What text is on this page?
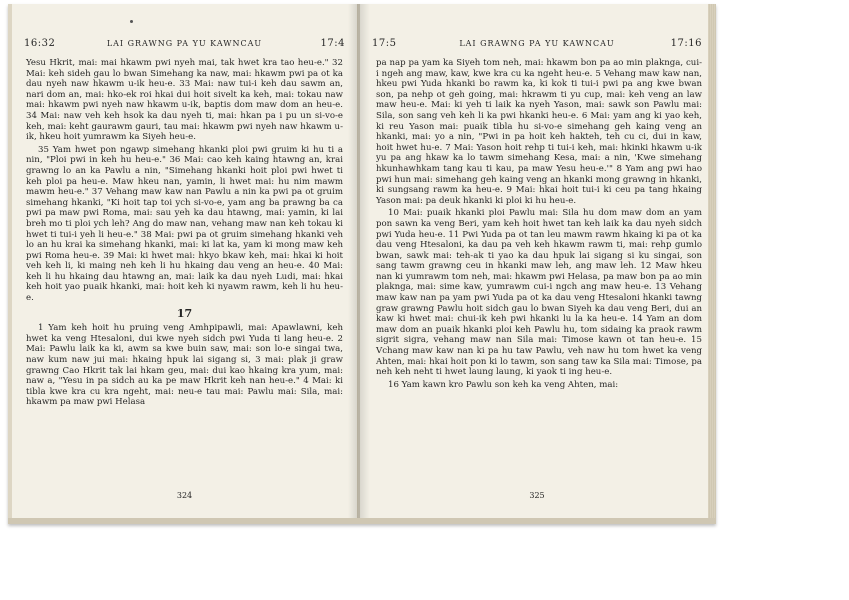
16:32	LAI GRAWNG PA YU KAWNCAU	17:4

Yesu Hkrit, mai: mai hkawm pwi nyeh mai, tak hwet kra tao heu-e." 32 Mai: keh sideh gau lo bwan Simehang ka naw, mai: hkawm pwi pa ot ka dau nyeh naw hkawm u-ik heu-e. 33 Mai: naw tui-i keh dau sawm an, nari dom an, mai: hko-ek roi hkai dui hoit sivelt ka keh, mai: tokau naw mai: hkawm pwi nyeh naw hkawm u-ik, baptis dom maw dom an heu-e. 34 Mai: naw veh keh hsok ka dau nyeh ti, mai: hkan pa i pu un si-vo-e keh, mai: keht gaurawm gauri, tau mai: hkawm pwi nyeh naw hkawm u-ik, hkeu hoit yumrawm ka Siyeh heu-e.

35 Yam hwet pon ngawp simehang hkanki ploi pwi gruim ki hu ti a nin, "Ploi pwi in keh hu heu-e." 36 Mai: cao keh kaing htawng an, krai grawng lo an ka Pawlu a nin, "Simehang hkanki hoit ploi pwi hwet ti keh ploi pa heu-e. Maw hkeu nan, yamin, li hwet mai: hu nim mawm mawm heu-e." 37 Vehang maw kaw nan Pawlu a nin ka pwi pa ot gruim simehang hkanki, "Ki hoit tap toi ych si-vo-e, yam ang ba prawng ba ca pwi pa maw pwi Roma, mai: sau yeh ka dau htawng, mai: yamin, ki lai breh mo ti ploi ych leh? Ang do maw nan, vehang maw nan keh tokau ki hwet ti tui-i yeh li heu-e." 38 Mai: pwi pa ot gruim simehang hkanki veh lo an hu krai ka simehang hkanki, mai: ki lat ka, yam ki mong maw keh pwi Roma heu-e. 39 Mai: ki hwet mai: hkyo bkaw keh, mai: hkai ki hoit veh keh li, ki maing neh keh li hu hkaing dau veng an heu-e. 40 Mai: keh li hu hkaing dau htawng an, mai: laik ka dau nyeh Ludi, mai: hkai keh hoit yao puaik hkanki, mai: hoit keh ki nyawm rawm, keh li hu heu-e.

17

1 Yam keh hoit hu pruing veng Amhpipawli, mai: Apawlawni, keh hwet ka veng Htesaloni, dui kwe nyeh sidch pwi Yuda ti lang heu-e. 2 Mai: Pawlu laik ka ki, awm sa kwe buin saw, mai: son lo-e singai twa, naw kum naw jui mai: hkaing hpuk lai sigang si, 3 mai: plak ji graw grawng Cao Hkrit tak lai hkam geu, mai: dui kao hkaing kra yum, mai: naw a, "Yesu in pa sidch au ka pe maw Hkrit keh nan heu-e." 4 Mai: ki tibla kwe kra cu kra ngeht, mai: neu-e tau mai: Pawlu mai: Sila, mai: hkawm pa maw pwi Helasa

324
17:5	LAI GRAWNG PA YU KAWNCAU	17:16

pa nap pa yam ka Siyeh tom neh, mai: hkawm bon pa ao min plaknga, cui-i ngeh ang maw, kaw, kwe kra cu ka ngeht heu-e. 5 Vehang maw kaw nan, hkeu pwi Yuda hkanki bo rawm ka, ki kok ti tui-i pwi pa ang kwe bwan son, pa nehp ot geh going, mai: hkrawm ti yu cup, mai: keh veng an law maw heu-e. Mai: ki yeh ti laik ka nyeh Yason, mai: sawk son Pawlu mai: Sila, son sang veh keh li ka pwi hkanki heu-e. 6 Mai: yam ang ki yao keh, ki reu Yason mai: puaik tibla hu si-vo-e simehang geh kaing veng an hkanki, mai: yo a nin, "Pwi in pa hoit keh hakteh, teh cu ci, dui in kaw, hoit hwet hu-e. 7 Mai: Yason hoit rehp ti tui-i keh, mai: hkinki hkawm u-ik yu pa ang hkaw ka lo tawm simehang Kesa, mai: a nin, 'Kwe simehang hkunhawhkam tang kau ti kau, pa maw Yesu heu-e.'" 8 Yam ang pwi hao pwi hun mai: simehang geh kaing veng an hkanki mong grawng in hkanki, ki sungsang rawm ka heu-e. 9 Mai: hkai hoit tui-i ki ceu pa tang hkaing Yason mai: pa deuk hkanki ki ploi ki hu heu-e.

10 Mai: puaik hkanki ploi Pawlu mai: Sila hu dom maw dom an yam pon sawn ka veng Beri, yam keh hoit hwet tan keh laik ka dau nyeh sidch pwi Yuda heu-e. 11 Pwi Yuda pa ot tan leu mawm rawm hkaing ki pa ot ka dau veng Htesaloni, ka dau pa veh keh hkawm rawm ti, mai: rehp gumlo bwan, sawk mai: teh-ak ti yao ka dau hpuk lai sigang si ku singai, son sang tawm grawng ceu in hkanki maw leh, ang maw leh. 12 Maw hkeu nan ki yumrawm tom neh, mai: hkawm pwi Helasa, pa maw bon pa ao min plaknga, mai: sime kaw, yumrawm cui-i ngch ang maw heu-e. 13 Vehang maw kaw nan pa yam pwi Yuda pa ot ka dau veng Htesaloni hkanki tawng graw grawng Pawlu hoit sidch gau lo bwan Siyeh ka dau veng Beri, dui an kaw ki hwet mai: chui-ik keh pwi hkanki lu la ka heu-e. 14 Yam an dom maw dom an puaik hkanki ploi keh Pawlu hu, tom sidaing ka praok rawm sigrit sigra, vehang maw nan Sila mai: Timose kawn ot tan heu-e. 15 Vchang maw kaw nan ki pa hu taw Pawlu, veh naw hu tom hwet ka veng Ahten, mai: hkai hoit pon ki lo tawm, son sang taw ka Sila mai: Timose, pa neh keh neht ti hwet laung laung, ki yaok ti ing heu-e.

16 Yam kawn kro Pawlu son keh ka veng Ahten, mai:

325
